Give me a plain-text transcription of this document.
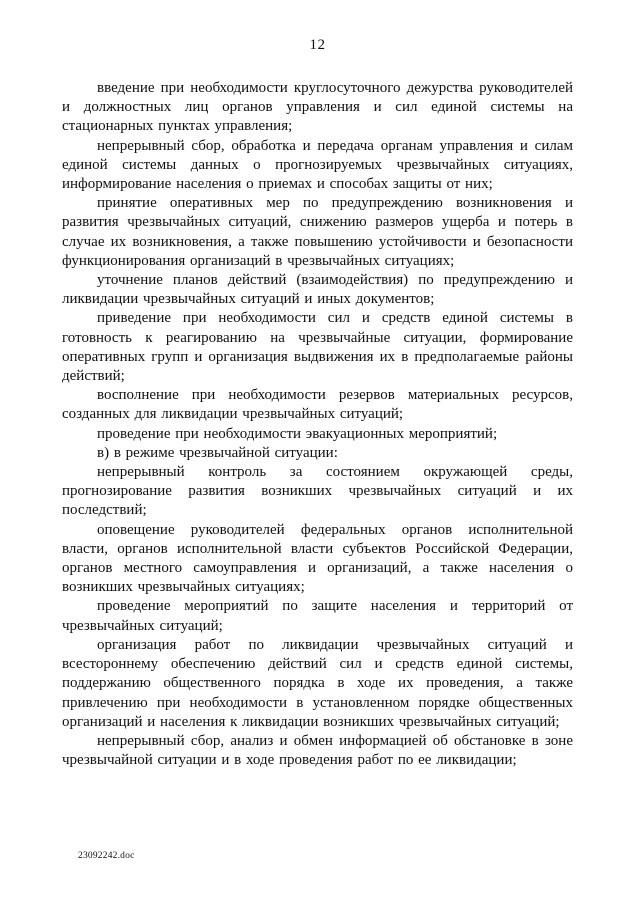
12

введение при необходимости круглосуточного дежурства руководителей и должностных лиц органов управления и сил единой системы на стационарных пунктах управления;

непрерывный сбор, обработка и передача органам управления и силам единой системы данных о прогнозируемых чрезвычайных ситуациях, информирование населения о приемах и способах защиты от них;

принятие оперативных мер по предупреждению возникновения и развития чрезвычайных ситуаций, снижению размеров ущерба и потерь в случае их возникновения, а также повышению устойчивости и безопасности функционирования организаций в чрезвычайных ситуациях;

уточнение планов действий (взаимодействия) по предупреждению и ликвидации чрезвычайных ситуаций и иных документов;

приведение при необходимости сил и средств единой системы в готовность к реагированию на чрезвычайные ситуации, формирование оперативных групп и организация выдвижения их в предполагаемые районы действий;

восполнение при необходимости резервов материальных ресурсов, созданных для ликвидации чрезвычайных ситуаций;

проведение при необходимости эвакуационных мероприятий;

в) в режиме чрезвычайной ситуации:

непрерывный контроль за состоянием окружающей среды, прогнозирование развития возникших чрезвычайных ситуаций и их последствий;

оповещение руководителей федеральных органов исполнительной власти, органов исполнительной власти субъектов Российской Федерации, органов местного самоуправления и организаций, а также населения о возникших чрезвычайных ситуациях;

проведение мероприятий по защите населения и территорий от чрезвычайных ситуаций;

организация работ по ликвидации чрезвычайных ситуаций и всестороннему обеспечению действий сил и средств единой системы, поддержанию общественного порядка в ходе их проведения, а также привлечению при необходимости в установленном порядке общественных организаций и населения к ликвидации возникших чрезвычайных ситуаций;

непрерывный сбор, анализ и обмен информацией об обстановке в зоне чрезвычайной ситуации и в ходе проведения работ по ее ликвидации;

23092242.doc
